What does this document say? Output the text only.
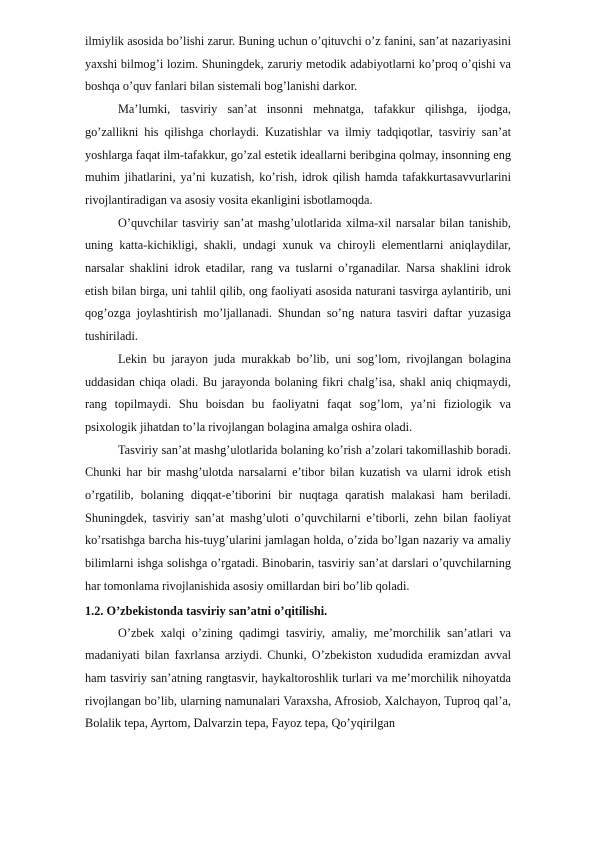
ilmiylik asosida bo’lishi zarur. Buning uchun o’qituvchi o’z fanini, san’at nazariyasini yaxshi bilmog’i lozim. Shuningdek, zaruriy metodik adabiyotlarni ko’proq o’qishi va boshqa o’quv fanlari bilan sistemali bog’lanishi darkor.

Ma’lumki, tasviriy san’at insonni mehnatga, tafakkur qilishga, ijodga, go’zallikni his qilishga chorlaydi. Kuzatishlar va ilmiy tadqiqotlar, tasviriy san’at yoshlarga faqat ilm-tafakkur, go’zal estetik ideallarni beribgina qolmay, insonning eng muhim jihatlarini, ya’ni kuzatish, ko’rish, idrok qilish hamda tafakkurtasavvurlarini rivojlantiradigan va asosiy vosita ekanligini isbotlamoqda.

O’quvchilar tasviriy san’at mashg’ulotlarida xilma-xil narsalar bilan tanishib, uning katta-kichikligi, shakli, undagi xunuk va chiroyli elementlarni aniqlaydilar, narsalar shaklini idrok etadilar, rang va tuslarni o’rganadilar. Narsa shaklini idrok etish bilan birga, uni tahlil qilib, ong faoliyati asosida naturani tasvirga aylantirib, uni qog’ozga joylashtirish mo’ljallanadi. Shundan so’ng natura tasviri daftar yuzasiga tushiriladi.

Lekin bu jarayon juda murakkab bo’lib, uni sog’lom, rivojlangan bolagina uddasidan chiqa oladi. Bu jarayonda bolaning fikri chalg’isa, shakl aniq chiqmaydi, rang topilmaydi. Shu boisdan bu faoliyatni faqat sog’lom, ya’ni fiziologik va psixologik jihatdan to’la rivojlangan bolagina amalga oshira oladi.

Tasviriy san’at mashg’ulotlarida bolaning ko’rish a’zolari takomillashib boradi. Chunki har bir mashg’ulotda narsalarni e’tibor bilan kuzatish va ularni idrok etish o’rgatilib, bolaning diqqat-e’tiborini bir nuqtaga qaratish malakasi ham beriladi. Shuningdek, tasviriy san’at mashg’uloti o’quvchilarni e’tiborli, zehn bilan faoliyat ko’rsatishga barcha his-tuyg’ularini jamlagan holda, o’zida bo’lgan nazariy va amaliy bilimlarni ishga solishga o’rgatadi. Binobarin, tasviriy san’at darslari o’quvchilarning har tomonlama rivojlanishida asosiy omillardan biri bo’lib qoladi.

1.2. O’zbekistonda tasviriy san’atni o’qitilishi.

O’zbek xalqi o’zining qadimgi tasviriy, amaliy, me’morchilik san’atlari va madaniyati bilan faxrlansa arziydi. Chunki, O’zbekiston xududida eramizdan avval ham tasviriy san’atning rangtasvir, haykaltoroshlik turlari va me’morchilik nihoyatda rivojlangan bo’lib, ularning namunalari Varaxsha, Afrosiob, Xalchayon, Tuproq qal’a, Bolalik tepa, Ayrtom, Dalvarzin tepa, Fayoz tepa, Qo’yqirilgan
